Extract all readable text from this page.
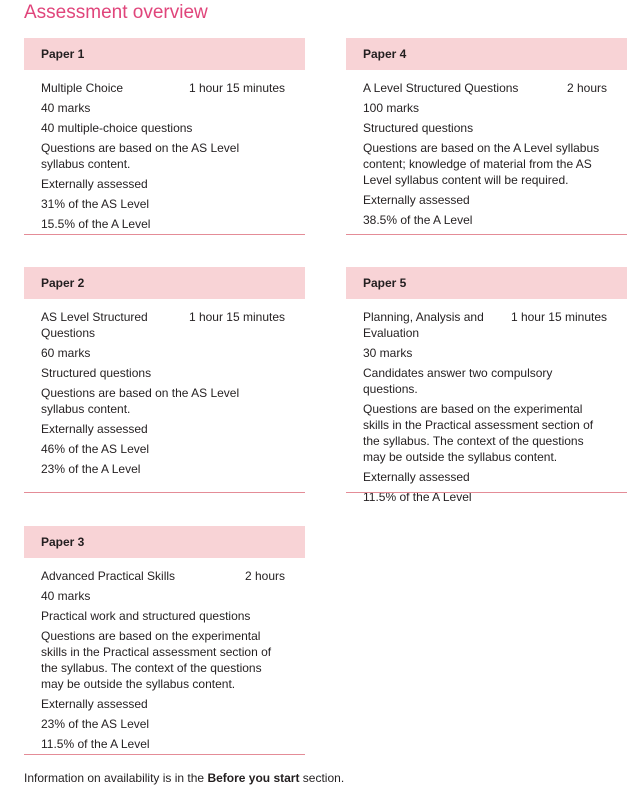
Assessment overview
Paper 1
Multiple Choice	1 hour 15 minutes
40 marks
40 multiple-choice questions
Questions are based on the AS Level syllabus content.
Externally assessed
31% of the AS Level
15.5% of the A Level
Paper 4
A Level Structured Questions	2 hours
100 marks
Structured questions
Questions are based on the A Level syllabus content; knowledge of material from the AS Level syllabus content will be required.
Externally assessed
38.5% of the A Level
Paper 2
AS Level Structured Questions
1 hour 15 minutes
60 marks
Structured questions
Questions are based on the AS Level syllabus content.
Externally assessed
46% of the AS Level
23% of the A Level
Paper 5
Planning, Analysis and Evaluation
1 hour 15 minutes
30 marks
Candidates answer two compulsory questions.
Questions are based on the experimental skills in the Practical assessment section of the syllabus. The context of the questions may be outside the syllabus content.
Externally assessed
11.5% of the A Level
Paper 3
Advanced Practical Skills	2 hours
40 marks
Practical work and structured questions
Questions are based on the experimental skills in the Practical assessment section of the syllabus. The context of the questions may be outside the syllabus content.
Externally assessed
23% of the AS Level
11.5% of the A Level
Information on availability is in the Before you start section.
